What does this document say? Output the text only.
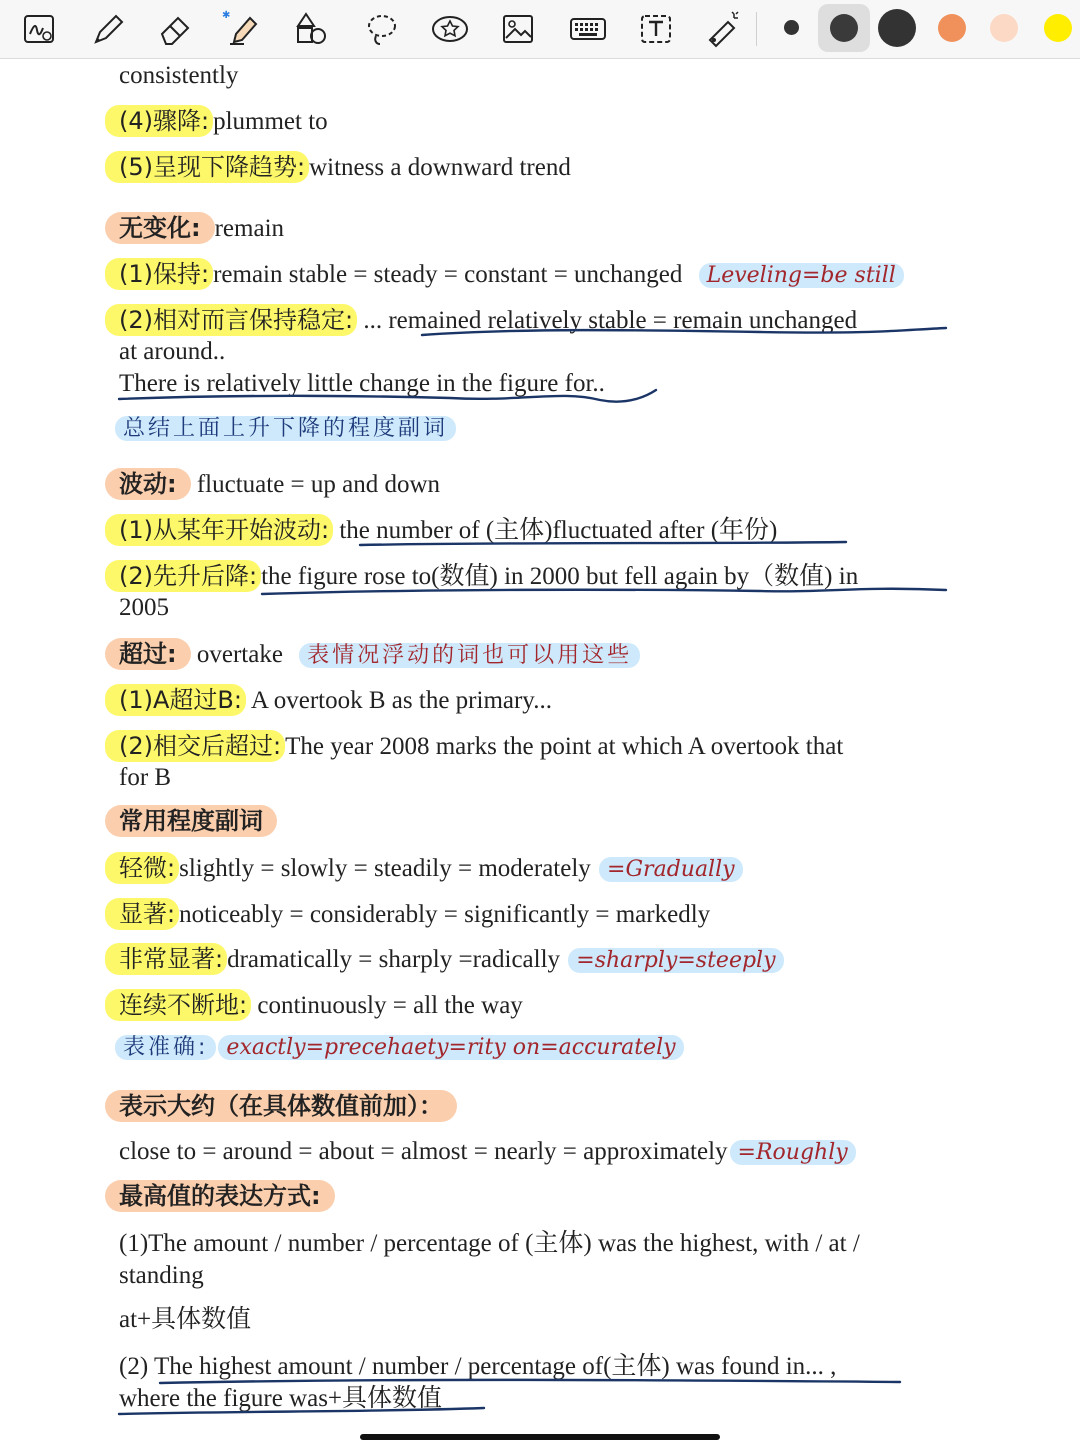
✱
consistently
(4)骤降: plummet to
(5)呈现下降趋势: witness a downward trend
无变化: remain
(1)保持: remain stable = steady = constant = unchanged Leveling=be still
(2)相对而言保持稳定: ... remained relatively stable = remain unchanged
at around..
There is relatively little change in the figure for..
总结上面上升下降的程度副词
波动: fluctuate = up and down
(1)从某年开始波动: the number of (主体)fluctuated after (年份)
(2)先升后降: the figure rose to(数值) in 2000 but fell again by（数值) in
2005
超过: overtake 表情况浮动的词也可以用这些
(1)A超过B: A overtook B as the primary...
(2)相交后超过: The year 2008 marks the point at which A overtook that
for B
常用程度副词
轻微: slightly = slowly = steadily = moderately =Gradually
显著: noticeably = considerably = significantly = markedly
非常显著: dramatically = sharply =radically =sharply=steeply
连续不断地: continuously = all the way
表准确: exactly=precehaety=rity on=accurately
表示大约（在具体数值前加）：
close to = around = about = almost = nearly = approximately =Roughly
最高值的表达方式:
(1)The amount / number / percentage of (主体) was the highest, with / at /
standing
at+具体数值
(2) The highest amount / number / percentage of(主体) was found in... ,
where the figure was+具体数值
